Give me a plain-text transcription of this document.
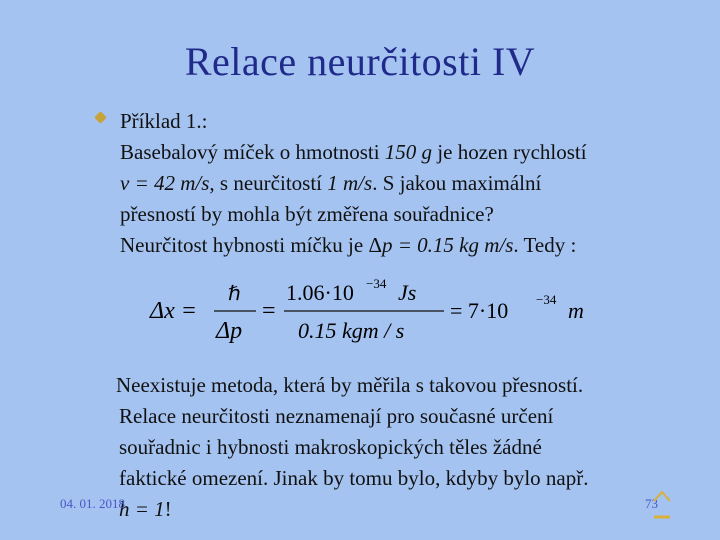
Relace neurčitosti IV

Příklad 1.:

Basebalový míček o hmotnosti 150 g je hozen rychlostí

v = 42 m/s, s neurčitostí 1 m/s. S jakou maximální

přesností by mohla být změřena souřadnice?

Neurčitost hybnosti míčku je Δp = 0.15 kg m/s. Tedy :

Δx =
ℏ
Δp
=
1.06·10 −34 Js
0.15 kgm / s
= 7·10 −34 m
Neexistuje metoda, která by měřila s takovou přesností.
Relace neurčitosti neznamenají pro současné určení
souřadnic i hybnosti makroskopických těles žádné
faktické omezení. Jinak by tomu bylo, kdyby bylo např.
h = 1!
04. 01. 2018	73
